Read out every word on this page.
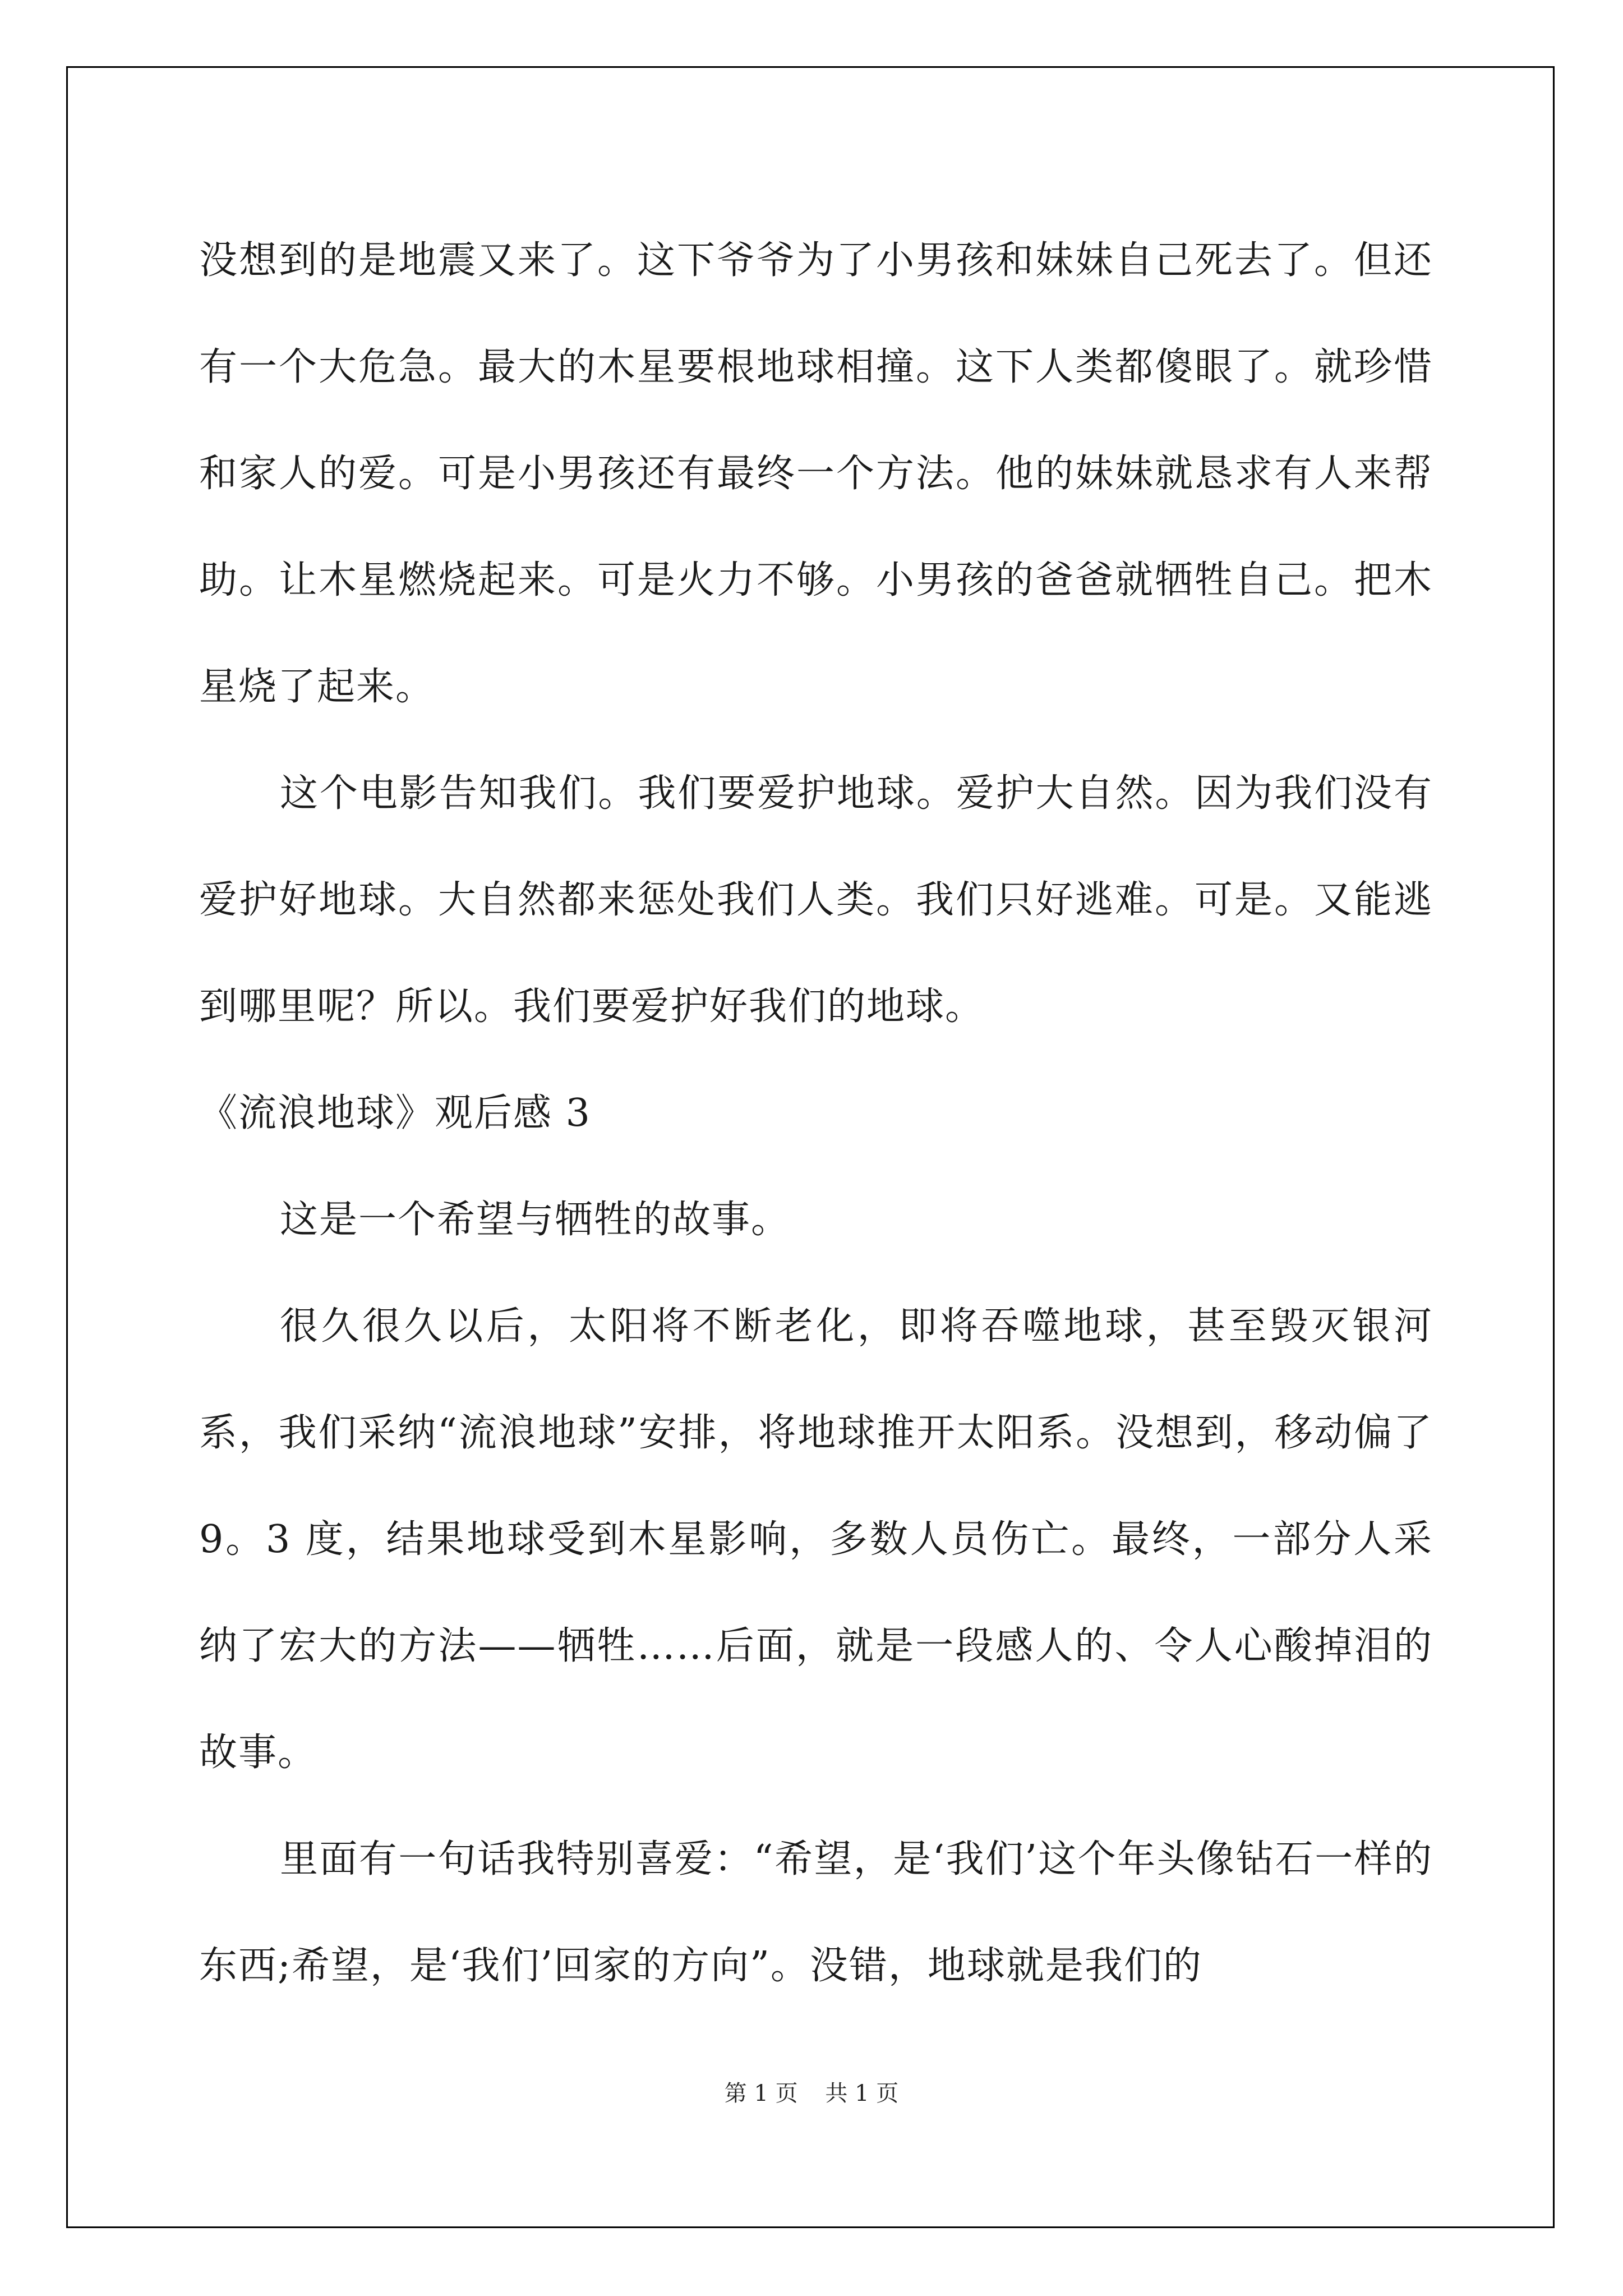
没想到的是地震又来了。这下爷爷为了小男孩和妹妹自己死去了。但还有一个大危急。最大的木星要根地球相撞。这下人类都傻眼了。就珍惜和家人的爱。可是小男孩还有最终一个方法。他的妹妹就恳求有人来帮助。让木星燃烧起来。可是火力不够。小男孩的爸爸就牺牲自己。把木星烧了起来。

这个电影告知我们。我们要爱护地球。爱护大自然。因为我们没有爱护好地球。大自然都来惩处我们人类。我们只好逃难。可是。又能逃到哪里呢？所以。我们要爱护好我们的地球。

《流浪地球》观后感 3

这是一个希望与牺牲的故事。

很久很久以后，太阳将不断老化，即将吞噬地球，甚至毁灭银河系，我们采纳“流浪地球”安排，将地球推开太阳系。没想到，移动偏了 9。3 度，结果地球受到木星影响，多数人员伤亡。最终，一部分人采纳了宏大的方法——牺牲……后面，就是一段感人的、令人心酸掉泪的故事。

里面有一句话我特别喜爱：“希望，是‘我们’这个年头像钻石一样的东西;希望，是‘我们’回家的方向”。没错，地球就是我们的

第 1 页 共 1 页
